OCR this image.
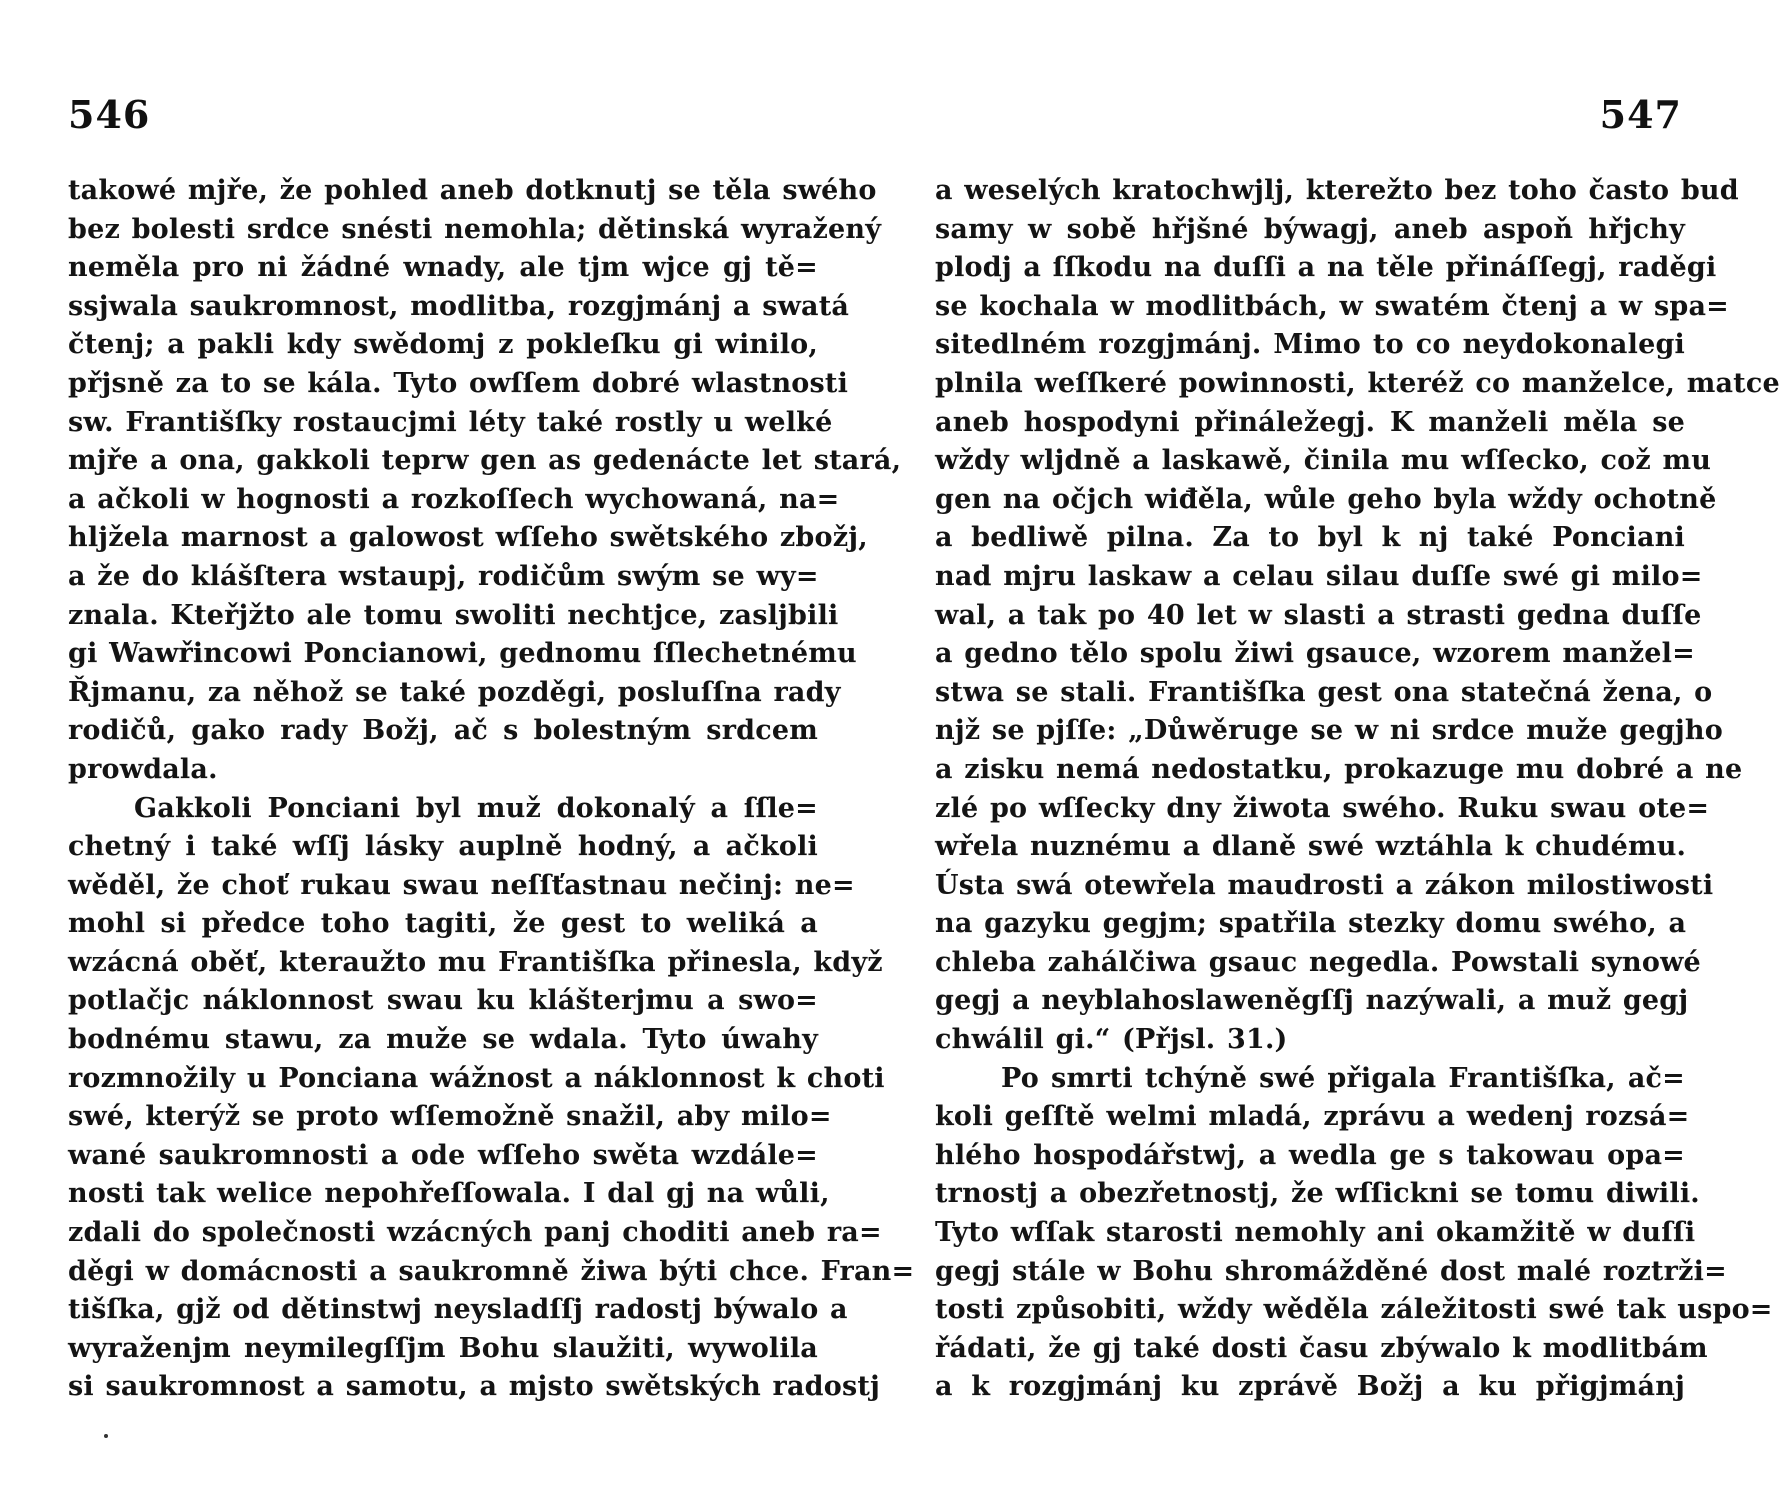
546
takowé mjře, že pohled aneb dotknutj se těla swého
bez bolesti srdce snésti nemohla; dětinská wyražený
neměla pro ni žádné wnady, ale tjm wjce gj tě=
ssjwala saukromnost, modlitba, rozgjmánj a swatá
čtenj; a pakli kdy swědomj z pokleſku gi winilo,
přjsně za to se kála. Tyto owſſem dobré wlastnosti
sw. Františſky rostaucjmi léty také rostly u welké
mjře a ona, gakkoli teprw gen as gedenácte let stará,
a ačkoli w hognosti a rozkoſſech wychowaná, na=
hljžela marnost a galowost wſſeho swětského zbožj,
a že do klášſtera wstaupj, rodičům swým se wy=
znala. Kteřjžto ale tomu swoliti nechtjce, zasljbili
gi Wawřincowi Poncianowi, gednomu ſſlechetnému
Řjmanu, za něhož se také pozděgi, posluſſna rady
rodičů, gako rady Božj, ač s bolestným srdcem
prowdala.
Gakkoli Ponciani byl muž dokonalý a ſſle=
chetný i také wſſj lásky auplně hodný, a ačkoli
wěděl, že choť rukau swau neſſťastnau nečinj: ne=
mohl si předce toho tagiti, že gest to weliká a
wzácná oběť, kteraužto mu Františſka přinesla, když
potlačjc náklonnost swau ku klášterjmu a swo=
bodnému stawu, za muže se wdala. Tyto úwahy
rozmnožily u Ponciana wážnost a náklonnost k choti
swé, kterýž se proto wſſemožně snažil, aby milo=
wané saukromnosti a ode wſſeho swěta wzdále=
nosti tak welice nepohřeſſowala. I dal gj na wůli,
zdali do společnosti wzácných panj choditi aneb ra=
děgi w domácnosti a saukromně žiwa býti chce. Fran=
tišſka, gjž od dětinstwj neysladſſj radostj býwalo a
wyraženjm neymilegſſjm Bohu slaužiti, wywolila
si saukromnost a samotu, a mjsto swětských radostj
547
a weselých kratochwjlj, kterežto bez toho často bud
samy w sobě hřjšné býwagj, aneb aspoň hřjchy
plodj a ſſkodu na duſſi a na těle přináſſegj, raděgi
se kochala w modlitbách, w swatém čtenj a w spa=
sitedlném rozgjmánj. Mimo to co neydokonalegi
plnila weſſkeré powinnosti, kteréž co manželce, matce
aneb hospodyni přináležegj. K manželi měla se
wždy wljdně a laskawě, činila mu wſſecko, což mu
gen na očjch wiđěla, wůle geho byla wždy ochotně
a bedliwě pilna. Za to byl k nj také Ponciani
nad mjru laskaw a celau silau duſſe swé gi milo=
wal, a tak po 40 let w slasti a strasti gedna duſſe
a gedno tělo spolu žiwi gsauce, wzorem manžel=
stwa se stali. Františſka gest ona statečná žena, o
njž se pjſſe: „Důwěruge se w ni srdce muže gegjho
a zisku nemá nedostatku, prokazuge mu dobré a ne
zlé po wſſecky dny žiwota swého. Ruku swau ote=
wřela nuznému a dlaně swé wztáhla k chudému.
Ústa swá otewřela maudrosti a zákon milostiwosti
na gazyku gegjm; spatřila stezky domu swého, a
chleba zahálčiwa gsauc negedla. Powstali synowé
gegj a neyblahoslaweněgſſj nazýwali, a muž gegj
chwálil gi.“ (Přjsl. 31.)
Po smrti tchýně swé přigala Františſka, ač=
koli geſſtě welmi mladá, zprávu a wedenj rozsá=
hlého hospodářstwj, a wedla ge s takowau opa=
trnostj a obezřetnostj, že wſſickni se tomu diwili.
Tyto wſſak starosti nemohly ani okamžitě w duſſi
gegj stále w Bohu shromážděné dost malé roztrži=
tosti způsobiti, wždy wěděla záležitosti swé tak uspo=
řádati, že gj také dosti času zbýwalo k modlitbám
a k rozgjmánj ku zprávě Božj a ku přigjmánj
